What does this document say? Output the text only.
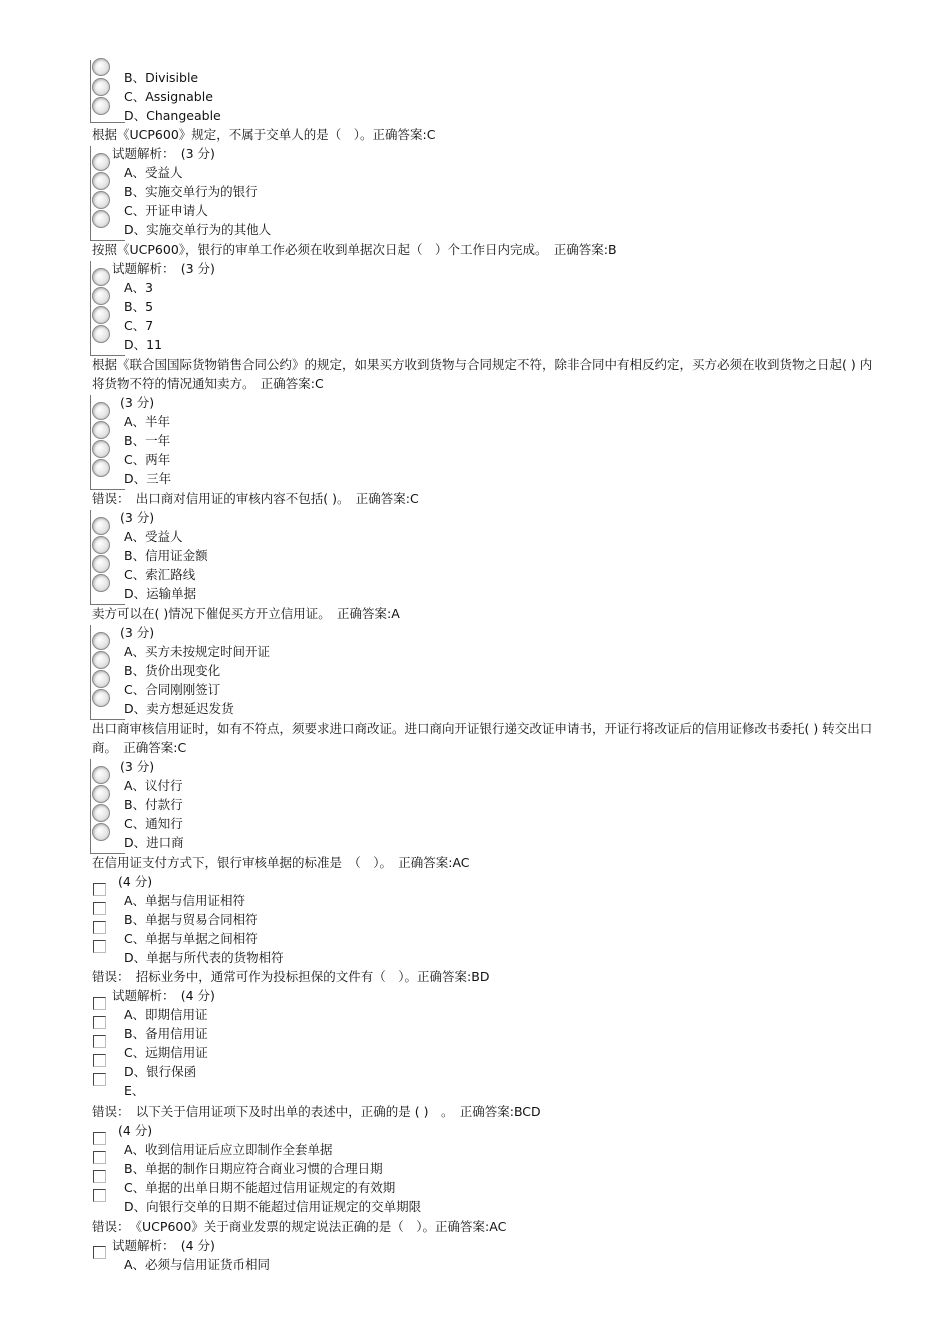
B、Divisible
C、Assignable
D、Changeable

根据《UCP600》规定，不属于交单人的是（　）。正确答案:C

试题解析：　(3 分)
A、受益人
B、实施交单行为的银行
C、开证申请人
D、实施交单行为的其他人

按照《UCP600》，银行的审单工作必须在收到单据次日起（　）个工作日内完成。　正确答案:B

试题解析：　(3 分)
A、3
B、5
C、7
D、11

根据《联合国国际货物销售合同公约》的规定，如果买方收到货物与合同规定不符，除非合同中有相反约定，买方必须在收到货物之日起( ) 内将货物不符的情况通知卖方。　正确答案:C

(3 分)
A、半年
B、一年
C、两年
D、三年

错误：　 出口商对信用证的审核内容不包括( )。　正确答案:C

(3 分)
A、受益人
B、信用证金额
C、索汇路线
D、运输单据

卖方可以在( )情况下催促买方开立信用证。　正确答案:A

(3 分)
A、买方未按规定时间开证
B、货价出现变化
C、合同刚刚签订
D、卖方想延迟发货

出口商审核信用证时，如有不符点，须要求进口商改证。进口商向开证银行递交改证申请书，开证行将改证后的信用证修改书委托( ) 转交出口商。　正确答案:C

(3 分)
A、议付行
B、付款行
C、通知行
D、进口商

在信用证支付方式下，银行审核单据的标准是　（　）。　正确答案:AC

(4 分)
A、单据与信用证相符
B、单据与贸易合同相符
C、单据与单据之间相符
D、单据与所代表的货物相符

错误：　 招标业务中，通常可作为投标担保的文件有（　）。正确答案:BD

试题解析：　(4 分)
A、即期信用证
B、备用信用证
C、远期信用证
D、银行保函
E、

错误：　 以下关于信用证项下及时出单的表述中，正确的是 ( )　。　正确答案:BCD

(4 分)
A、收到信用证后应立即制作全套单据
B、单据的制作日期应符合商业习惯的合理日期
C、单据的出单日期不能超过信用证规定的有效期
D、向银行交单的日期不能超过信用证规定的交单期限

错误：　 《UCP600》关于商业发票的规定说法正确的是（　）。正确答案:AC

试题解析：　(4 分)
A、必须与信用证货币相同
